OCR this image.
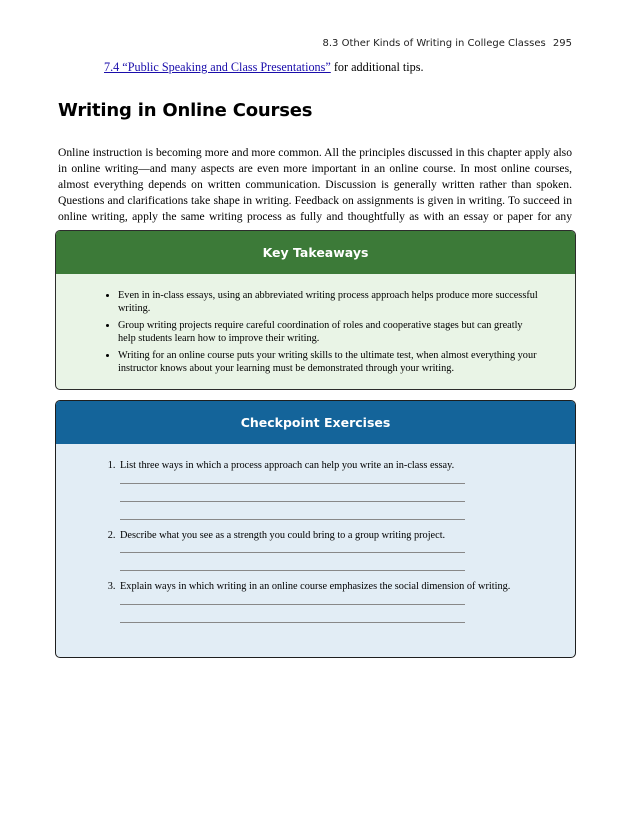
8.3 Other Kinds of Writing in College Classes 295
7.4 “Public Speaking and Class Presentations” for additional tips.
Writing in Online Courses

Online instruction is becoming more and more common. All the principles discussed in this chapter apply also in online writing—and many aspects are even more important in an online course. In most online courses, almost everything depends on written communication. Discussion is generally written rather than spoken. Questions and clarifications take shape in writing. Feedback on assignments is given in writing. To succeed in online writing, apply the same writing process as fully and thoughtfully as with an essay or paper for any

Key Takeaways
• Even in in-class essays, using an abbreviated writing process approach helps produce more successful writing.
• Group writing projects require careful coordination of roles and cooperative stages but can greatly help students learn how to improve their writing.
• Writing for an online course puts your writing skills to the ultimate test, when almost everything your instructor knows about your learning must be demonstrated through your writing.
Checkpoint Exercises
1. List three ways in which a process approach can help you write an in-class essay.
2. Describe what you see as a strength you could bring to a group writing project.
3. Explain ways in which writing in an online course emphasizes the social dimension of writing.
